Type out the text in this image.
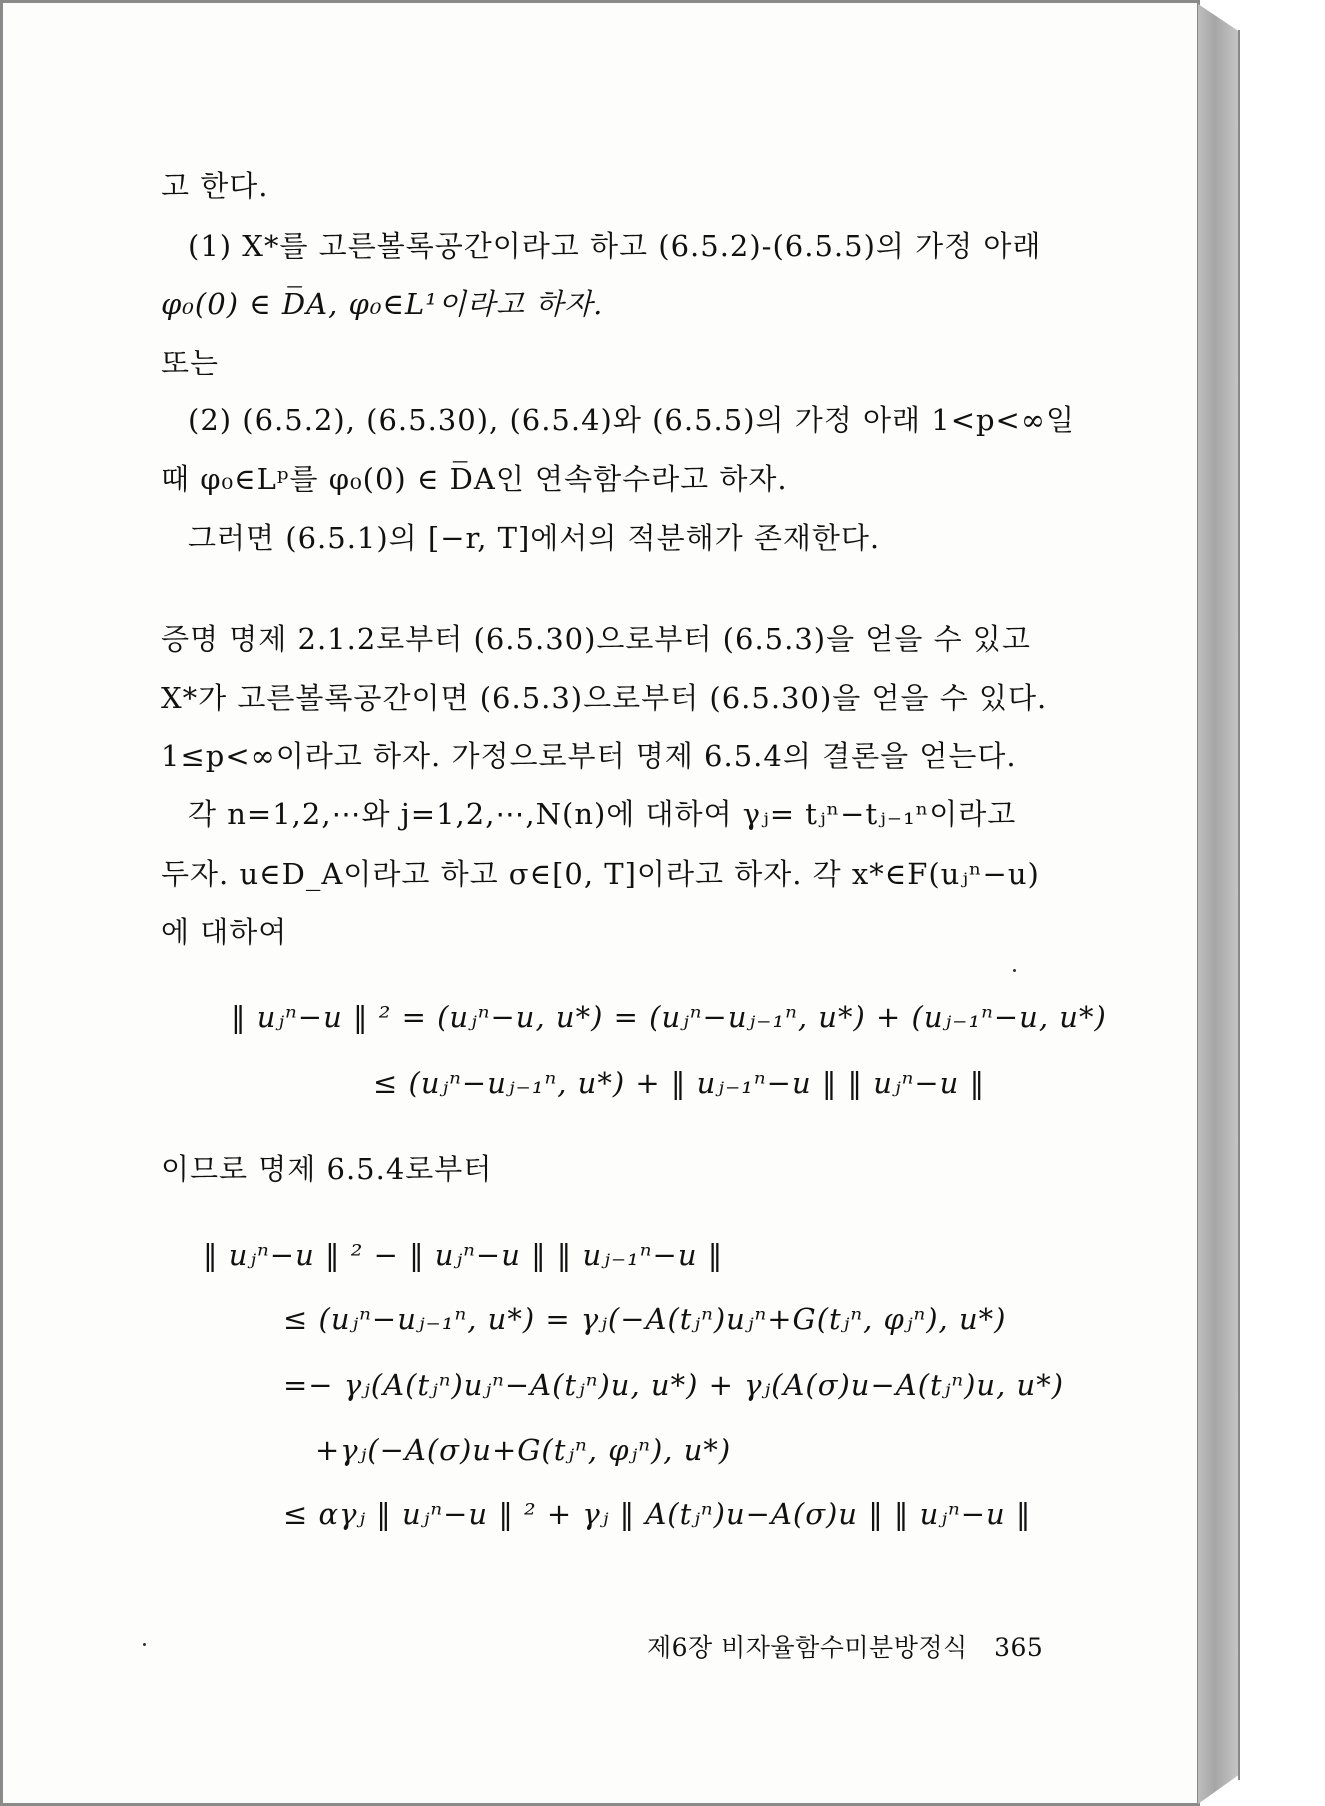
고 한다.
(1) X*를 고른볼록공간이라고 하고 (6.5.2)-(6.5.5)의 가정 아래
φ₀(0) ∈ D̅̅̅A, φ₀∈L¹이라고 하자.
또는
(2) (6.5.2), (6.5.30), (6.5.4)와 (6.5.5)의 가정 아래 1<p<∞일
때 φ₀∈Lᵖ를 φ₀(0) ∈ D̅̅̅A인 연속함수라고 하자.
그러면 (6.5.1)의 [−r, T]에서의 적분해가 존재한다.
증명 명제 2.1.2로부터 (6.5.30)으로부터 (6.5.3)을 얻을 수 있고
X*가 고른볼록공간이면 (6.5.3)으로부터 (6.5.30)을 얻을 수 있다.
1≤p<∞이라고 하자. 가정으로부터 명제 6.5.4의 결론을 얻는다.
각 n=1,2,⋯와 j=1,2,⋯,N(n)에 대하여 γⱼ= tⱼⁿ−tⱼ₋₁ⁿ이라고
두자. u∈D_A이라고 하고 σ∈[0, T]이라고 하자. 각 x*∈F(uⱼⁿ−u)
에 대하여
‖ uⱼⁿ−u ‖ ² = (uⱼⁿ−u, u*) = (uⱼⁿ−uⱼ₋₁ⁿ, u*) + (uⱼ₋₁ⁿ−u, u*)
≤ (uⱼⁿ−uⱼ₋₁ⁿ, u*) + ‖ uⱼ₋₁ⁿ−u ‖ ‖ uⱼⁿ−u ‖
이므로 명제 6.5.4로부터
‖ uⱼⁿ−u ‖ ² − ‖ uⱼⁿ−u ‖ ‖ uⱼ₋₁ⁿ−u ‖
≤ (uⱼⁿ−uⱼ₋₁ⁿ, u*) = γⱼ(−A(tⱼⁿ)uⱼⁿ+G(tⱼⁿ, φⱼⁿ), u*)
=− γⱼ(A(tⱼⁿ)uⱼⁿ−A(tⱼⁿ)u, u*) + γⱼ(A(σ)u−A(tⱼⁿ)u, u*)
+γⱼ(−A(σ)u+G(tⱼⁿ, φⱼⁿ), u*)
≤ αγⱼ ‖ uⱼⁿ−u ‖ ² + γⱼ ‖ A(tⱼⁿ)u−A(σ)u ‖ ‖ uⱼⁿ−u ‖
제6장 비자율함수미분방정식 365
